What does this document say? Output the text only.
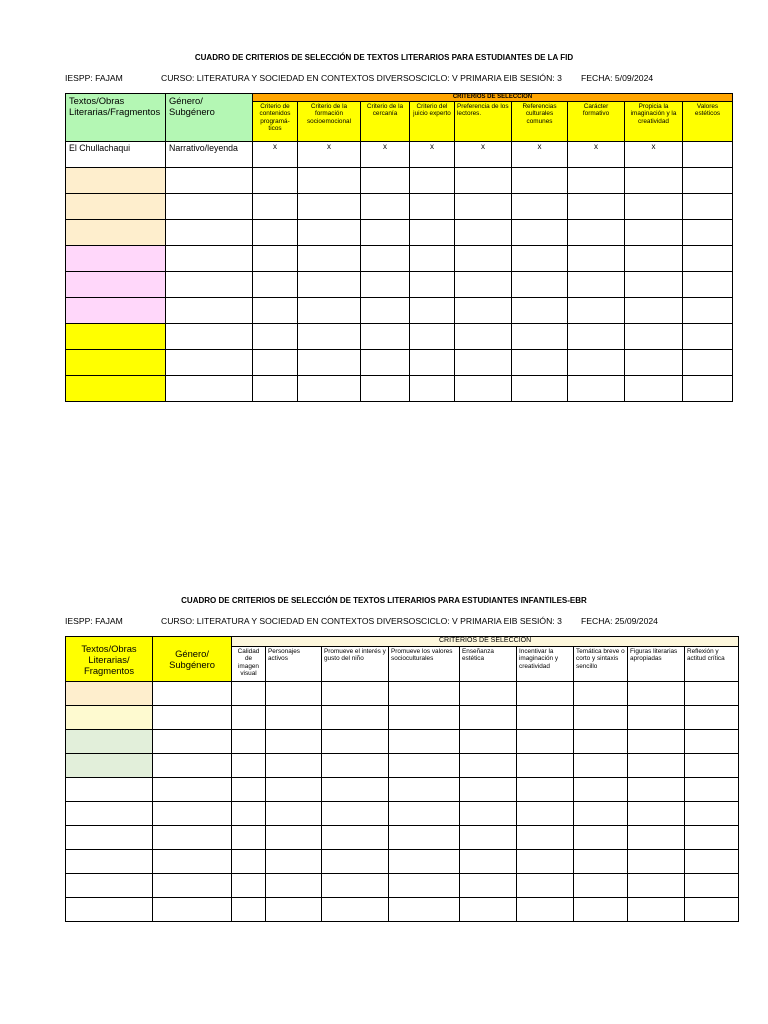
CUADRO DE CRITERIOS DE SELECCIÓN DE TEXTOS LITERARIOS PARA ESTUDIANTES DE LA FID
IESPP: FAJAM	CURSO: LITERATURA Y SOCIEDAD EN CONTEXTOS DIVERSOS CICLO: V PRIMARIA EIB SESIÓN: 3 FECHA: 5/09/2024
Textos/Obras Literarias/Fragmentos	Género/ Subgénero	CRITERIOS DE SELECCIÓN								
		Criterio de contenidos programá-ticos	Criterio de la formación socioemocional	Criterio de la cercanía	Criterio del juicio experto	Preferencia de los lectores.	Referencias culturales comunes	Carácter formativo	Propicia la imaginación y la creatividad	Valores estéticos
El Chullachaqui	Narrativo/leyenda	x	x	x	x	x	x	x	x	

CUADRO DE CRITERIOS DE SELECCIÓN DE TEXTOS LITERARIOS PARA ESTUDIANTES INFANTILES-EBR
IESPP: FAJAM	CURSO: LITERATURA Y SOCIEDAD EN CONTEXTOS DIVERSOS CICLO: V PRIMARIA EIB SESIÓN: 3 FECHA: 25/09/2024
Textos/Obras Literarias/ Fragmentos	Género/ Subgénero	CRITERIOS DE SELECCIÓN								
		Calidad de imagen visual	Personajes activos	Promueve el interés y gusto del niño	Promueve los valores socioculturales	Enseñanza estética	Incentivar la imaginación y creatividad	Temática breve o corto y sintaxis sencillo	Figuras literarias apropiadas	Reflexión y actitud crítica
